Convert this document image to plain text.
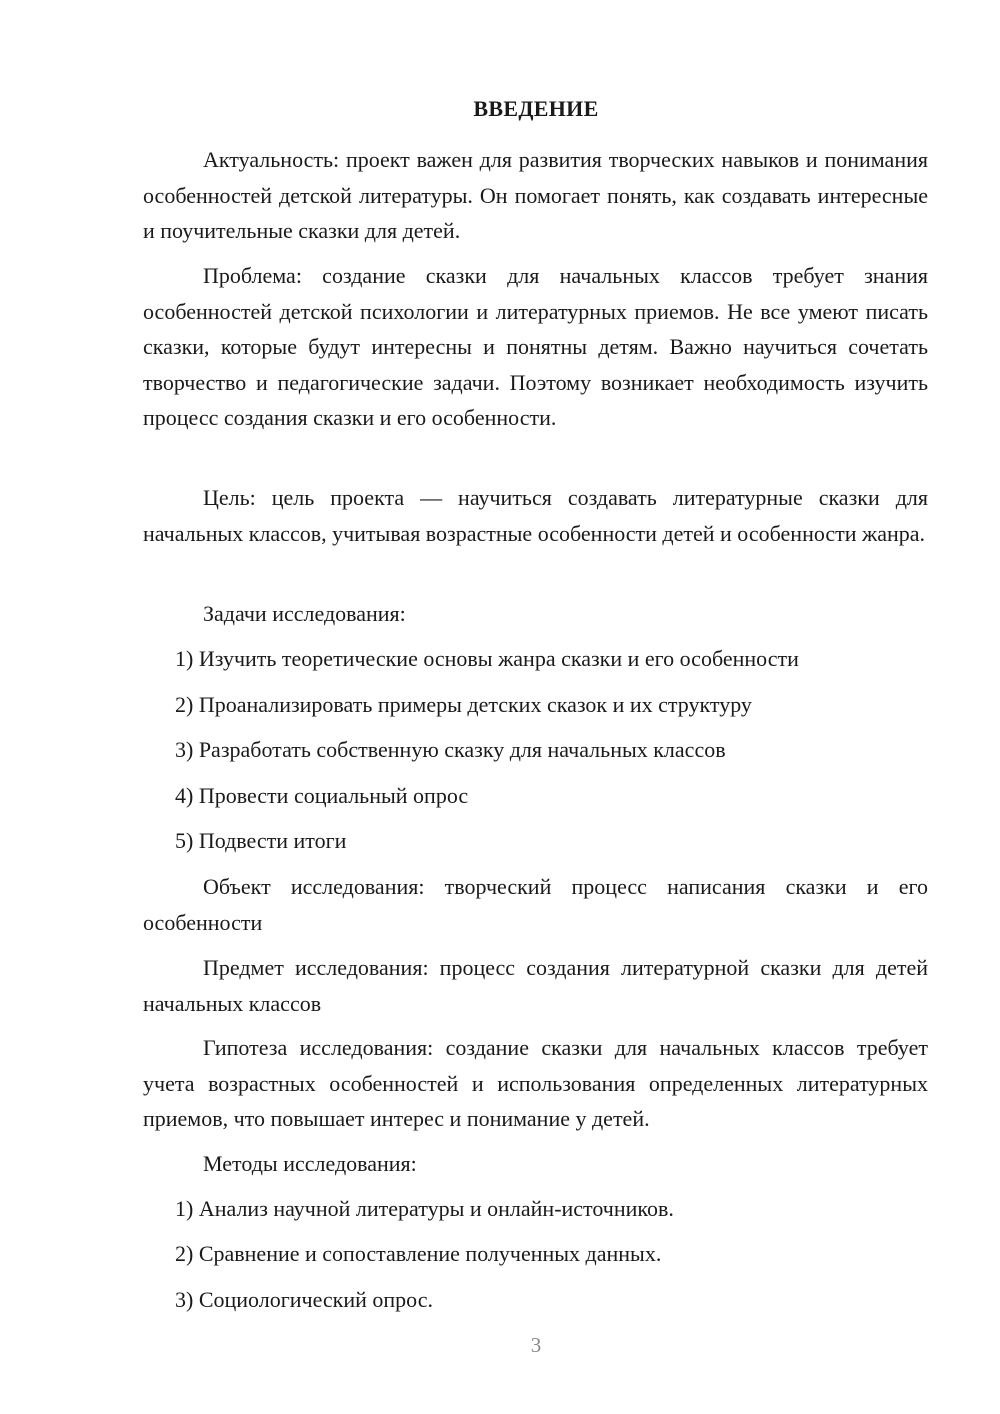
ВВЕДЕНИЕ

Актуальность: проект важен для развития творческих навыков и понимания особенностей детской литературы. Он помогает понять, как создавать интересные и поучительные сказки для детей.

Проблема: создание сказки для начальных классов требует знания особенностей детской психологии и литературных приемов. Не все умеют писать сказки, которые будут интересны и понятны детям. Важно научиться сочетать творчество и педагогические задачи. Поэтому возникает необходимость изучить процесс создания сказки и его особенности.

Цель: цель проекта — научиться создавать литературные сказки для начальных классов, учитывая возрастные особенности детей и особенности жанра.

Задачи исследования:

1) Изучить теоретические основы жанра сказки и его особенности
2) Проанализировать примеры детских сказок и их структуру
3) Разработать собственную сказку для начальных классов
4) Провести социальный опрос
5) Подвести итоги

Объект исследования: творческий процесс написания сказки и его особенности

Предмет исследования: процесс создания литературной сказки для детей начальных классов

Гипотеза исследования: создание сказки для начальных классов требует учета возрастных особенностей и использования определенных литературных приемов, что повышает интерес и понимание у детей.

Методы исследования:

1) Анализ научной литературы и онлайн-источников.
2) Сравнение и сопоставление полученных данных.
3) Социологический опрос.
3
